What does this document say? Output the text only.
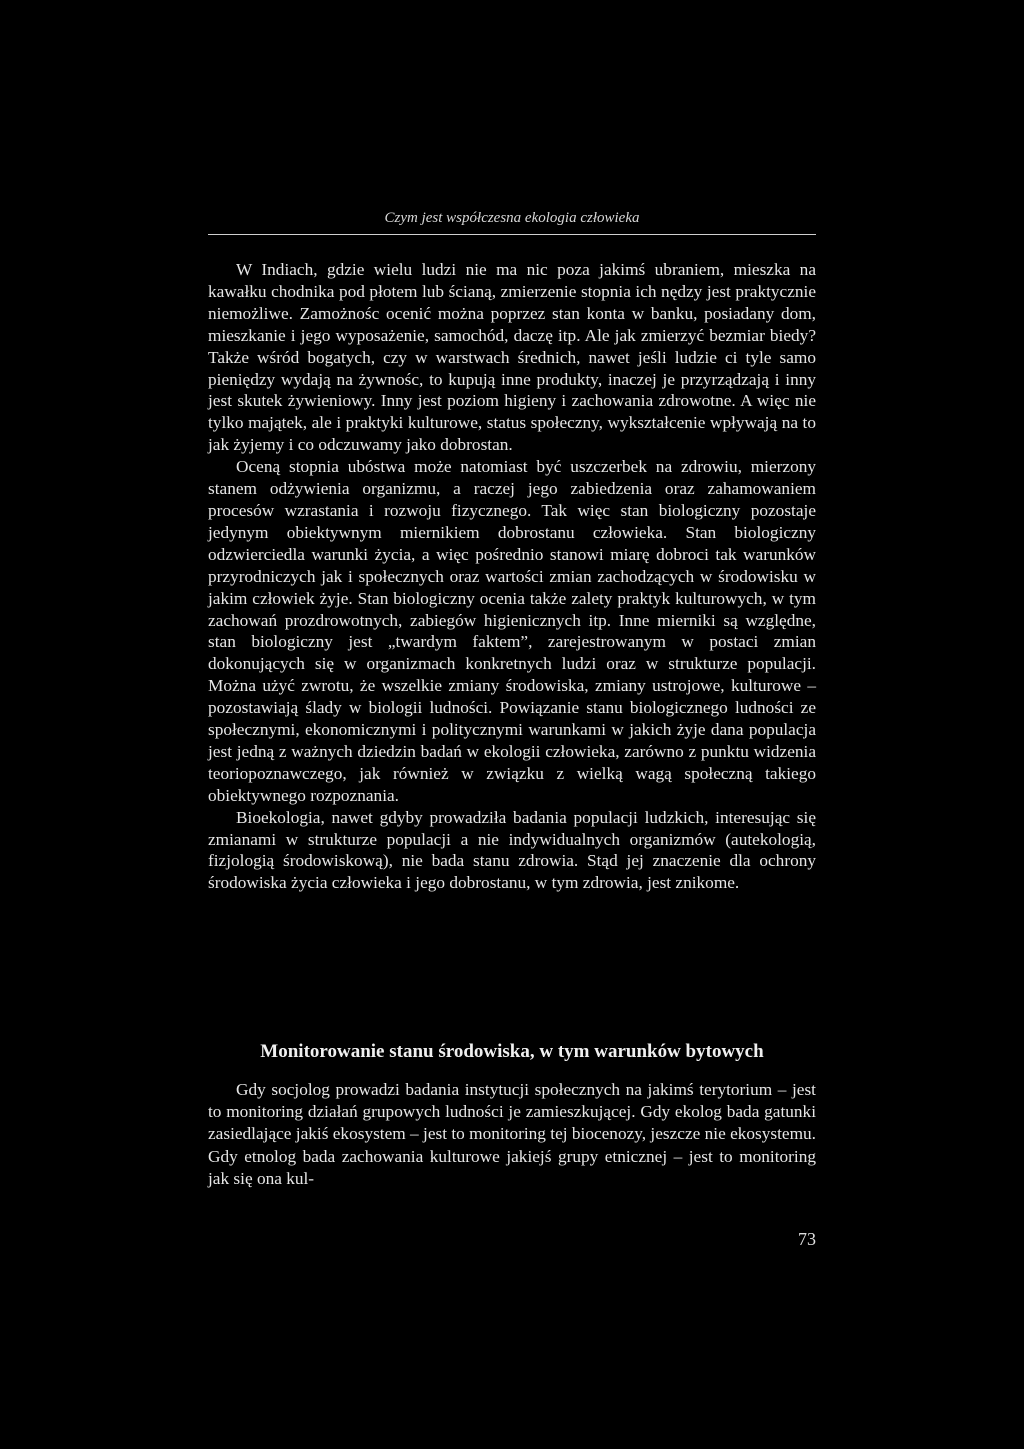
Czym jest współczesna ekologia człowieka

W Indiach, gdzie wielu ludzi nie ma nic poza jakimś ubraniem, mieszka na kawałku chodnika pod płotem lub ścianą, zmierzenie stopnia ich nędzy jest praktycznie niemożliwe. Zamożnośc ocenić można poprzez stan konta w banku, posiadany dom, mieszkanie i jego wyposażenie, samochód, daczę itp. Ale jak zmierzyć bezmiar biedy? Także wśród bogatych, czy w warstwach średnich, nawet jeśli ludzie ci tyle samo pieniędzy wydają na żywnośc, to kupują inne produkty, inaczej je przyrządzają i inny jest skutek żywieniowy. Inny jest poziom higieny i zachowania zdrowotne. A więc nie tylko majątek, ale i praktyki kulturowe, status społeczny, wykształcenie wpływają na to jak żyjemy i co odczuwamy jako dobrostan.

Oceną stopnia ubóstwa może natomiast być uszczerbek na zdrowiu, mierzony stanem odżywienia organizmu, a raczej jego zabiedzenia oraz zahamowaniem procesów wzrastania i rozwoju fizycznego. Tak więc stan biologiczny pozostaje jedynym obiektywnym miernikiem dobrostanu człowieka. Stan biologiczny odzwierciedla warunki życia, a więc pośrednio stanowi miarę dobroci tak warunków przyrodniczych jak i społecznych oraz wartości zmian zachodzących w środowisku w jakim człowiek żyje. Stan biologiczny ocenia także zalety praktyk kulturowych, w tym zachowań prozdrowotnych, zabiegów higienicznych itp. Inne mierniki są względne, stan biologiczny jest „twardym faktem”, zarejestrowanym w postaci zmian dokonujących się w organizmach konkretnych ludzi oraz w strukturze populacji. Można użyć zwrotu, że wszelkie zmiany środowiska, zmiany ustrojowe, kulturowe – pozostawiają ślady w biologii ludności. Powiązanie stanu biologicznego ludności ze społecznymi, ekonomicznymi i politycznymi warunkami w jakich żyje dana populacja jest jedną z ważnych dziedzin badań w ekologii człowieka, zarówno z punktu widzenia teoriopoznawczego, jak również w związku z wielką wagą społeczną takiego obiektywnego rozpoznania.

Bioekologia, nawet gdyby prowadziła badania populacji ludzkich, interesując się zmianami w strukturze populacji a nie indywidualnych organizmów (autekologią, fizjologią środowiskową), nie bada stanu zdrowia. Stąd jej znaczenie dla ochrony środowiska życia człowieka i jego dobrostanu, w tym zdrowia, jest znikome.

Monitorowanie stanu środowiska, w tym warunków bytowych

Gdy socjolog prowadzi badania instytucji społecznych na jakimś terytorium – jest to monitoring działań grupowych ludności je zamieszkującej. Gdy ekolog bada gatunki zasiedlające jakiś ekosystem – jest to monitoring tej biocenozy, jeszcze nie ekosystemu. Gdy etnolog bada zachowania kulturowe jakiejś grupy etnicznej – jest to monitoring jak się ona kul-

73
